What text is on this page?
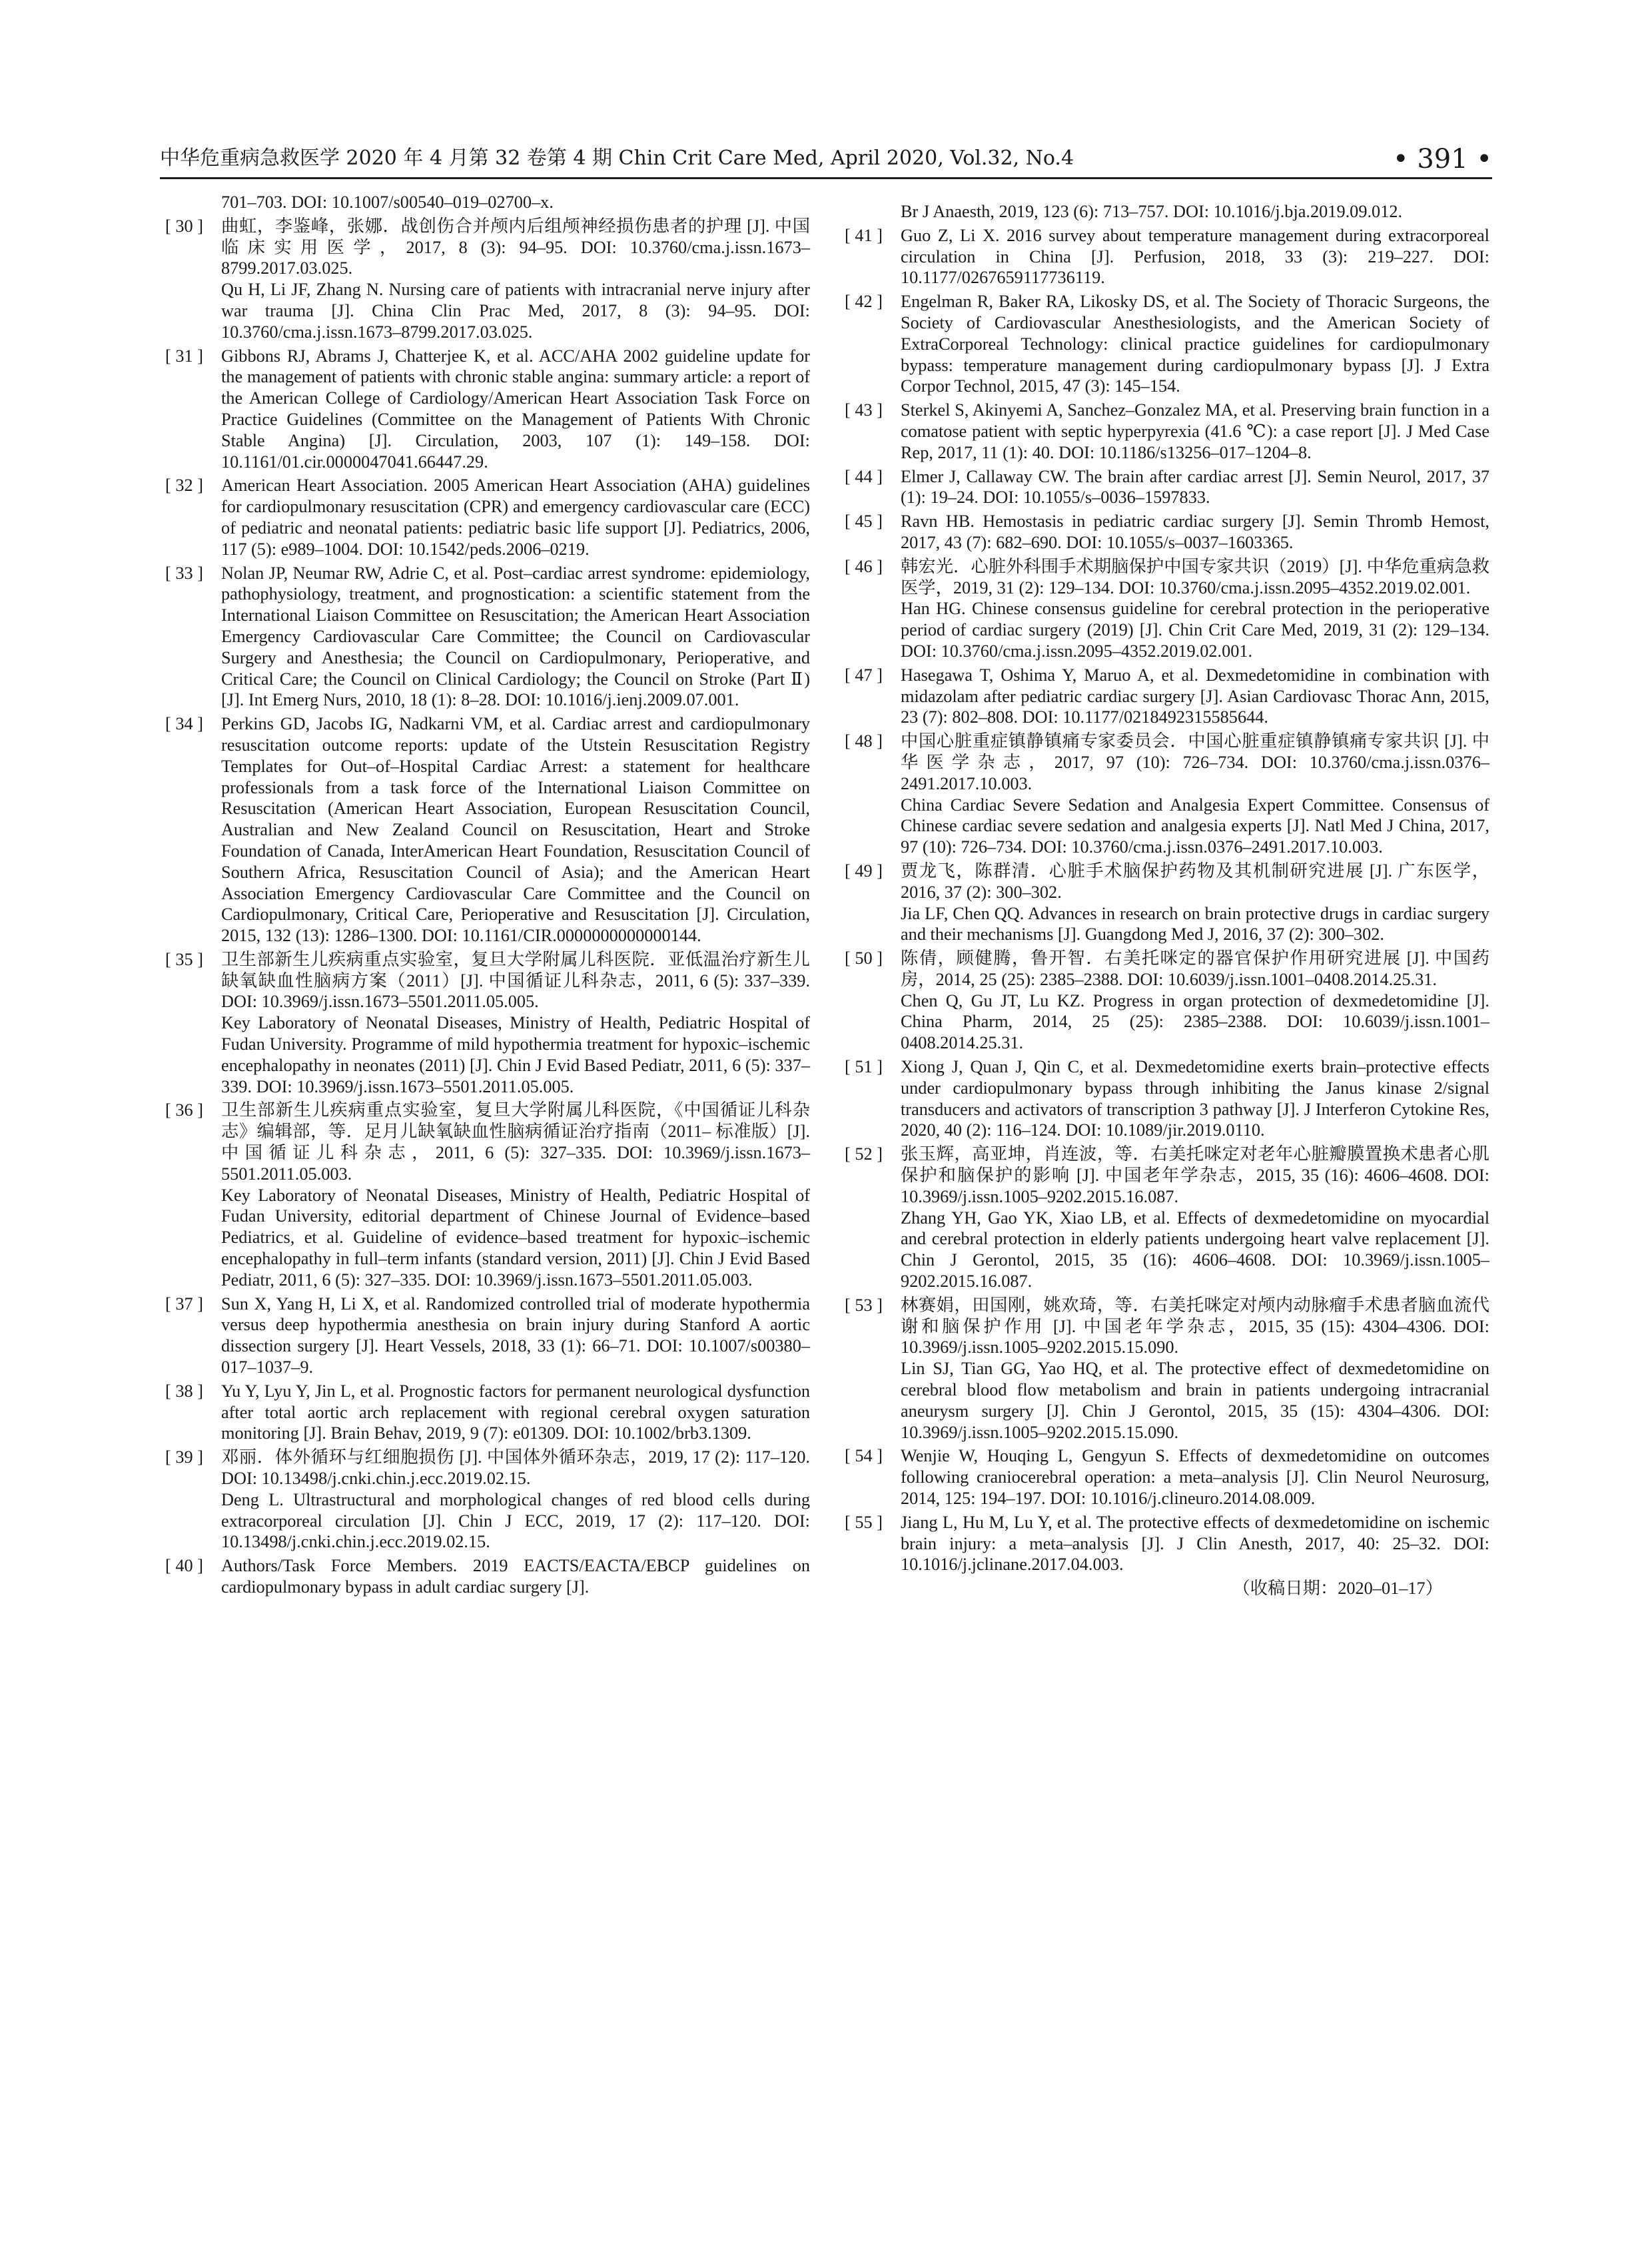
中华危重病急救医学 2020 年 4 月第 32 卷第 4 期 Chin Crit Care Med, April 2020, Vol.32, No.4	• 391 •
701–703. DOI: 10.1007/s00540–019–02700–x.
[ 30 ]	曲虹，李鉴峰，张娜．战创伤合并颅内后组颅神经损伤患者的护理 [J]. 中国临床实用医学，2017, 8 (3): 94–95. DOI: 10.3760/cma.j.issn.1673–8799.2017.03.025.
Qu H, Li JF, Zhang N. Nursing care of patients with intracranial nerve injury after war trauma [J]. China Clin Prac Med, 2017, 8 (3): 94–95. DOI: 10.3760/cma.j.issn.1673–8799.2017.03.025.
[ 31 ]	Gibbons RJ, Abrams J, Chatterjee K, et al. ACC/AHA 2002 guideline update for the management of patients with chronic stable angina: summary article: a report of the American College of Cardiology/American Heart Association Task Force on Practice Guidelines (Committee on the Management of Patients With Chronic Stable Angina) [J]. Circulation, 2003, 107 (1): 149–158. DOI: 10.1161/01.cir.0000047041.66447.29.
[ 32 ]	American Heart Association. 2005 American Heart Association (AHA) guidelines for cardiopulmonary resuscitation (CPR) and emergency cardiovascular care (ECC) of pediatric and neonatal patients: pediatric basic life support [J]. Pediatrics, 2006, 117 (5): e989–1004. DOI: 10.1542/peds.2006–0219.
[ 33 ]	Nolan JP, Neumar RW, Adrie C, et al. Post–cardiac arrest syndrome: epidemiology, pathophysiology, treatment, and prognostication: a scientific statement from the International Liaison Committee on Resuscitation; the American Heart Association Emergency Cardiovascular Care Committee; the Council on Cardiovascular Surgery and Anesthesia; the Council on Cardiopulmonary, Perioperative, and Critical Care; the Council on Clinical Cardiology; the Council on Stroke (Part Ⅱ) [J]. Int Emerg Nurs, 2010, 18 (1): 8–28. DOI: 10.1016/j.ienj.2009.07.001.
[ 34 ]	Perkins GD, Jacobs IG, Nadkarni VM, et al. Cardiac arrest and cardiopulmonary resuscitation outcome reports: update of the Utstein Resuscitation Registry Templates for Out–of–Hospital Cardiac Arrest: a statement for healthcare professionals from a task force of the International Liaison Committee on Resuscitation (American Heart Association, European Resuscitation Council, Australian and New Zealand Council on Resuscitation, Heart and Stroke Foundation of Canada, InterAmerican Heart Foundation, Resuscitation Council of Southern Africa, Resuscitation Council of Asia); and the American Heart Association Emergency Cardiovascular Care Committee and the Council on Cardiopulmonary, Critical Care, Perioperative and Resuscitation [J]. Circulation, 2015, 132 (13): 1286–1300. DOI: 10.1161/CIR.0000000000000144.
[ 35 ]	卫生部新生儿疾病重点实验室，复旦大学附属儿科医院．亚低温治疗新生儿缺氧缺血性脑病方案（2011）[J]. 中国循证儿科杂志，2011, 6 (5): 337–339. DOI: 10.3969/j.issn.1673–5501.2011.05.005.
Key Laboratory of Neonatal Diseases, Ministry of Health, Pediatric Hospital of Fudan University. Programme of mild hypothermia treatment for hypoxic–ischemic encephalopathy in neonates (2011) [J]. Chin J Evid Based Pediatr, 2011, 6 (5): 337–339. DOI: 10.3969/j.issn.1673–5501.2011.05.005.
[ 36 ]	卫生部新生儿疾病重点实验室，复旦大学附属儿科医院，《中国循证儿科杂志》编辑部，等．足月儿缺氧缺血性脑病循证治疗指南（2011– 标准版）[J]. 中国循证儿科杂志，2011, 6 (5): 327–335. DOI: 10.3969/j.issn.1673–5501.2011.05.003.
Key Laboratory of Neonatal Diseases, Ministry of Health, Pediatric Hospital of Fudan University, editorial department of Chinese Journal of Evidence–based Pediatrics, et al. Guideline of evidence–based treatment for hypoxic–ischemic encephalopathy in full–term infants (standard version, 2011) [J]. Chin J Evid Based Pediatr, 2011, 6 (5): 327–335. DOI: 10.3969/j.issn.1673–5501.2011.05.003.
[ 37 ]	Sun X, Yang H, Li X, et al. Randomized controlled trial of moderate hypothermia versus deep hypothermia anesthesia on brain injury during Stanford A aortic dissection surgery [J]. Heart Vessels, 2018, 33 (1): 66–71. DOI: 10.1007/s00380–017–1037–9.
[ 38 ]	Yu Y, Lyu Y, Jin L, et al. Prognostic factors for permanent neurological dysfunction after total aortic arch replacement with regional cerebral oxygen saturation monitoring [J]. Brain Behav, 2019, 9 (7): e01309. DOI: 10.1002/brb3.1309.
[ 39 ]	邓丽．体外循环与红细胞损伤 [J]. 中国体外循环杂志，2019, 17 (2): 117–120. DOI: 10.13498/j.cnki.chin.j.ecc.2019.02.15.
Deng L. Ultrastructural and morphological changes of red blood cells during extracorporeal circulation [J]. Chin J ECC, 2019, 17 (2): 117–120. DOI: 10.13498/j.cnki.chin.j.ecc.2019.02.15.
[ 40 ]	Authors/Task Force Members. 2019 EACTS/EACTA/EBCP guidelines on cardiopulmonary bypass in adult cardiac surgery [J].
Br J Anaesth, 2019, 123 (6): 713–757. DOI: 10.1016/j.bja.2019.09.012.
[ 41 ]	Guo Z, Li X. 2016 survey about temperature management during extracorporeal circulation in China [J]. Perfusion, 2018, 33 (3): 219–227. DOI: 10.1177/0267659117736119.
[ 42 ]	Engelman R, Baker RA, Likosky DS, et al. The Society of Thoracic Surgeons, the Society of Cardiovascular Anesthesiologists, and the American Society of ExtraCorporeal Technology: clinical practice guidelines for cardiopulmonary bypass: temperature management during cardiopulmonary bypass [J]. J Extra Corpor Technol, 2015, 47 (3): 145–154.
[ 43 ]	Sterkel S, Akinyemi A, Sanchez–Gonzalez MA, et al. Preserving brain function in a comatose patient with septic hyperpyrexia (41.6 ℃): a case report [J]. J Med Case Rep, 2017, 11 (1): 40. DOI: 10.1186/s13256–017–1204–8.
[ 44 ]	Elmer J, Callaway CW. The brain after cardiac arrest [J]. Semin Neurol, 2017, 37 (1): 19–24. DOI: 10.1055/s–0036–1597833.
[ 45 ]	Ravn HB. Hemostasis in pediatric cardiac surgery [J]. Semin Thromb Hemost, 2017, 43 (7): 682–690. DOI: 10.1055/s–0037–1603365.
[ 46 ]	韩宏光．心脏外科围手术期脑保护中国专家共识（2019）[J]. 中华危重病急救医学，2019, 31 (2): 129–134. DOI: 10.3760/cma.j.issn.2095–4352.2019.02.001.
Han HG. Chinese consensus guideline for cerebral protection in the perioperative period of cardiac surgery (2019) [J]. Chin Crit Care Med, 2019, 31 (2): 129–134. DOI: 10.3760/cma.j.issn.2095–4352.2019.02.001.
[ 47 ]	Hasegawa T, Oshima Y, Maruo A, et al. Dexmedetomidine in combination with midazolam after pediatric cardiac surgery [J]. Asian Cardiovasc Thorac Ann, 2015, 23 (7): 802–808. DOI: 10.1177/0218492315585644.
[ 48 ]	中国心脏重症镇静镇痛专家委员会．中国心脏重症镇静镇痛专家共识 [J]. 中华医学杂志，2017, 97 (10): 726–734. DOI: 10.3760/cma.j.issn.0376–2491.2017.10.003.
China Cardiac Severe Sedation and Analgesia Expert Committee. Consensus of Chinese cardiac severe sedation and analgesia experts [J]. Natl Med J China, 2017, 97 (10): 726–734. DOI: 10.3760/cma.j.issn.0376–2491.2017.10.003.
[ 49 ]	贾龙飞，陈群清．心脏手术脑保护药物及其机制研究进展 [J]. 广东医学，2016, 37 (2): 300–302.
Jia LF, Chen QQ. Advances in research on brain protective drugs in cardiac surgery and their mechanisms [J]. Guangdong Med J, 2016, 37 (2): 300–302.
[ 50 ]	陈倩，顾健腾，鲁开智．右美托咪定的器官保护作用研究进展 [J]. 中国药房，2014, 25 (25): 2385–2388. DOI: 10.6039/j.issn.1001–0408.2014.25.31.
Chen Q, Gu JT, Lu KZ. Progress in organ protection of dexmedetomidine [J]. China Pharm, 2014, 25 (25): 2385–2388. DOI: 10.6039/j.issn.1001–0408.2014.25.31.
[ 51 ]	Xiong J, Quan J, Qin C, et al. Dexmedetomidine exerts brain–protective effects under cardiopulmonary bypass through inhibiting the Janus kinase 2/signal transducers and activators of transcription 3 pathway [J]. J Interferon Cytokine Res, 2020, 40 (2): 116–124. DOI: 10.1089/jir.2019.0110.
[ 52 ]	张玉辉，高亚坤，肖连波，等．右美托咪定对老年心脏瓣膜置换术患者心肌保护和脑保护的影响 [J]. 中国老年学杂志，2015, 35 (16): 4606–4608. DOI: 10.3969/j.issn.1005–9202.2015.16.087.
Zhang YH, Gao YK, Xiao LB, et al. Effects of dexmedetomidine on myocardial and cerebral protection in elderly patients undergoing heart valve replacement [J]. Chin J Gerontol, 2015, 35 (16): 4606–4608. DOI: 10.3969/j.issn.1005–9202.2015.16.087.
[ 53 ]	林赛娟，田国刚，姚欢琦，等．右美托咪定对颅内动脉瘤手术患者脑血流代谢和脑保护作用 [J]. 中国老年学杂志，2015, 35 (15): 4304–4306. DOI: 10.3969/j.issn.1005–9202.2015.15.090.
Lin SJ, Tian GG, Yao HQ, et al. The protective effect of dexmedetomidine on cerebral blood flow metabolism and brain in patients undergoing intracranial aneurysm surgery [J]. Chin J Gerontol, 2015, 35 (15): 4304–4306. DOI: 10.3969/j.issn.1005–9202.2015.15.090.
[ 54 ]	Wenjie W, Houqing L, Gengyun S. Effects of dexmedetomidine on outcomes following craniocerebral operation: a meta–analysis [J]. Clin Neurol Neurosurg, 2014, 125: 194–197. DOI: 10.1016/j.clineuro.2014.08.009.
[ 55 ]	Jiang L, Hu M, Lu Y, et al. The protective effects of dexmedetomidine on ischemic brain injury: a meta–analysis [J]. J Clin Anesth, 2017, 40: 25–32. DOI: 10.1016/j.jclinane.2017.04.003.
（收稿日期：2020–01–17）
